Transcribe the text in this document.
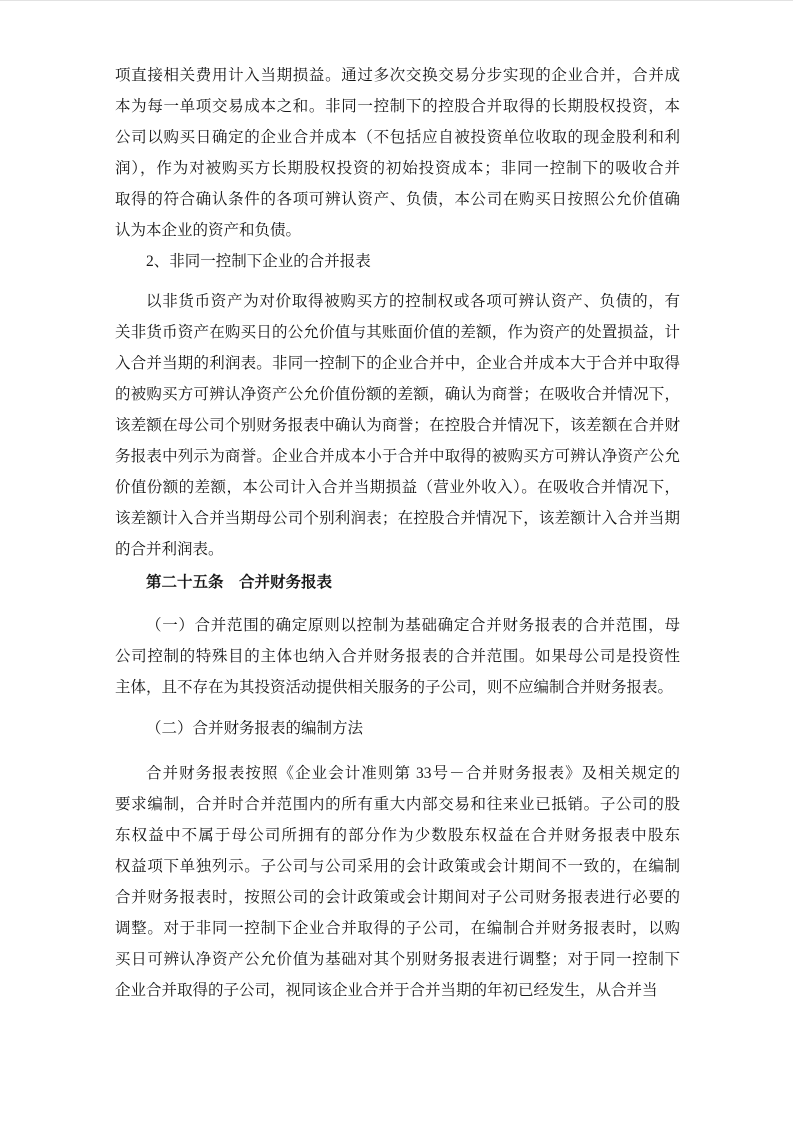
项直接相关费用计入当期损益。通过多次交换交易分步实现的企业合并，合并成
本为每一单项交易成本之和。非同一控制下的控股合并取得的长期股权投资，本
公司以购买日确定的企业合并成本（不包括应自被投资单位收取的现金股利和利
润），作为对被购买方长期股权投资的初始投资成本；非同一控制下的吸收合并
取得的符合确认条件的各项可辨认资产、负债，本公司在购买日按照公允价值确
认为本企业的资产和负债。
2、非同一控制下企业的合并报表
以非货币资产为对价取得被购买方的控制权或各项可辨认资产、负债的，有
关非货币资产在购买日的公允价值与其账面价值的差额，作为资产的处置损益，计
入合并当期的利润表。非同一控制下的企业合并中，企业合并成本大于合并中取得
的被购买方可辨认净资产公允价值份额的差额，确认为商誉；在吸收合并情况下，
该差额在母公司个别财务报表中确认为商誉；在控股合并情况下，该差额在合并财
务报表中列示为商誉。企业合并成本小于合并中取得的被购买方可辨认净资产公允
价值份额的差额，本公司计入合并当期损益（营业外收入）。在吸收合并情况下，
该差额计入合并当期母公司个别利润表；在控股合并情况下，该差额计入合并当期
的合并利润表。
第二十五条　合并财务报表
（一）合并范围的确定原则以控制为基础确定合并财务报表的合并范围，母
公司控制的特殊目的主体也纳入合并财务报表的合并范围。如果母公司是投资性
主体，且不存在为其投资活动提供相关服务的子公司，则不应编制合并财务报表。
（二）合并财务报表的编制方法
合并财务报表按照《企业会计准则第 33号－合并财务报表》及相关规定的
要求编制，合并时合并范围内的所有重大内部交易和往来业已抵销。子公司的股
东权益中不属于母公司所拥有的部分作为少数股东权益在合并财务报表中股东
权益项下单独列示。子公司与公司采用的会计政策或会计期间不一致的，在编制
合并财务报表时，按照公司的会计政策或会计期间对子公司财务报表进行必要的
调整。对于非同一控制下企业合并取得的子公司，在编制合并财务报表时，以购
买日可辨认净资产公允价值为基础对其个别财务报表进行调整；对于同一控制下
企业合并取得的子公司，视同该企业合并于合并当期的年初已经发生，从合并当
